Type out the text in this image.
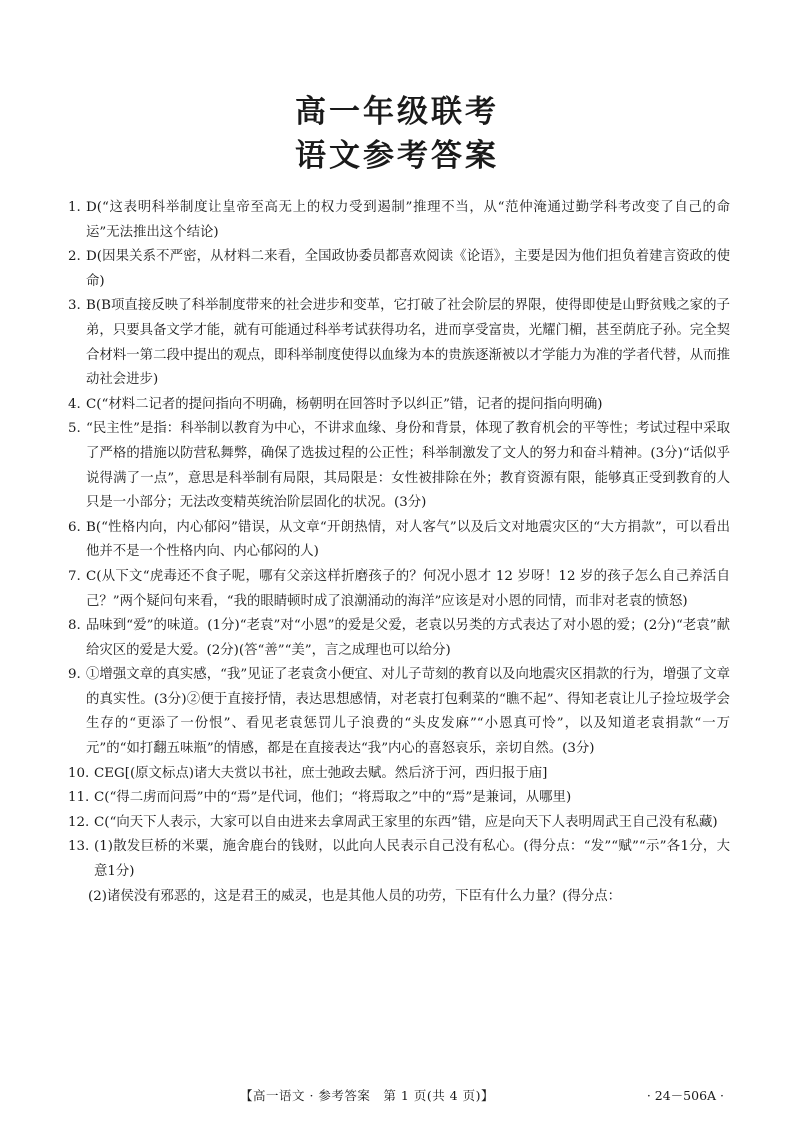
高一年级联考
语文参考答案
1. D(“这表明科举制度让皇帝至高无上的权力受到遏制”推理不当，从“范仲淹通过勤学科考改变了自己的命运”无法推出这个结论)
2. D(因果关系不严密，从材料二来看，全国政协委员都喜欢阅读《论语》，主要是因为他们担负着建言资政的使命)
3. B(B项直接反映了科举制度带来的社会进步和变革，它打破了社会阶层的界限，使得即使是山野贫贱之家的子弟，只要具备文学才能，就有可能通过科举考试获得功名，进而享受富贵，光耀门楣，甚至荫庇子孙。完全契合材料一第二段中提出的观点，即科举制度使得以血缘为本的贵族逐渐被以才学能力为准的学者代替，从而推动社会进步)
4. C(“材料二记者的提问指向不明确，杨朝明在回答时予以纠正”错，记者的提问指向明确)
5. “民主性”是指：科举制以教育为中心，不讲求血缘、身份和背景，体现了教育机会的平等性；考试过程中采取了严格的措施以防营私舞弊，确保了选拔过程的公正性；科举制激发了文人的努力和奋斗精神。(3分)“话似乎说得满了一点”，意思是科举制有局限，其局限是：女性被排除在外；教育资源有限，能够真正受到教育的人只是一小部分；无法改变精英统治阶层固化的状况。(3分)
6. B(“性格内向，内心郁闷”错误，从文章“开朗热情，对人客气”以及后文对地震灾区的“大方捐款”，可以看出他并不是一个性格内向、内心郁闷的人)
7. C(从下文“虎毒还不食子呢，哪有父亲这样折磨孩子的？何况小恩才 12 岁呀！12 岁的孩子怎么自己养活自己？”两个疑问句来看，“我的眼睛顿时成了浪潮涌动的海洋”应该是对小恩的同情，而非对老袁的愤怒)
8. 品味到“爱”的味道。(1分)“老袁”对“小恩”的爱是父爱，老袁以另类的方式表达了对小恩的爱；(2分)“老袁”献给灾区的爱是大爱。(2分)(答“善”“美”，言之成理也可以给分)
9. ①增强文章的真实感，“我”见证了老袁贪小便宜、对儿子苛刻的教育以及向地震灾区捐款的行为，增强了文章的真实性。(3分)②便于直接抒情，表达思想感情，对老袁打包剩菜的“瞧不起”、得知老袁让儿子捡垃圾学会生存的“更添了一份恨”、看见老袁惩罚儿子浪费的“头皮发麻”“小恩真可怜”，以及知道老袁捐款“一万元”的“如打翻五味瓶”的情感，都是在直接表达“我”内心的喜怒哀乐，亲切自然。(3分)
10. CEG[(原文标点)诸大夫赏以书社，庶士弛政去赋。然后济于河，西归报于庙]
11. C(“得二虏而问焉”中的“焉”是代词，他们；“将焉取之”中的“焉”是兼词，从哪里)
12. C(“向天下人表示，大家可以自由进来去拿周武王家里的东西”错，应是向天下人表明周武王自己没有私藏)
13. (1)散发巨桥的米粟，施舍鹿台的钱财，以此向人民表示自己没有私心。(得分点：“发”“赋”“示”各1分，大意1分)
(2)诸侯没有邪恶的，这是君王的威灵，也是其他人员的功劳，下臣有什么力量？(得分点：
【高一语文 · 参考答案　第 1 页(共 4 页)】	· 24－506A ·
